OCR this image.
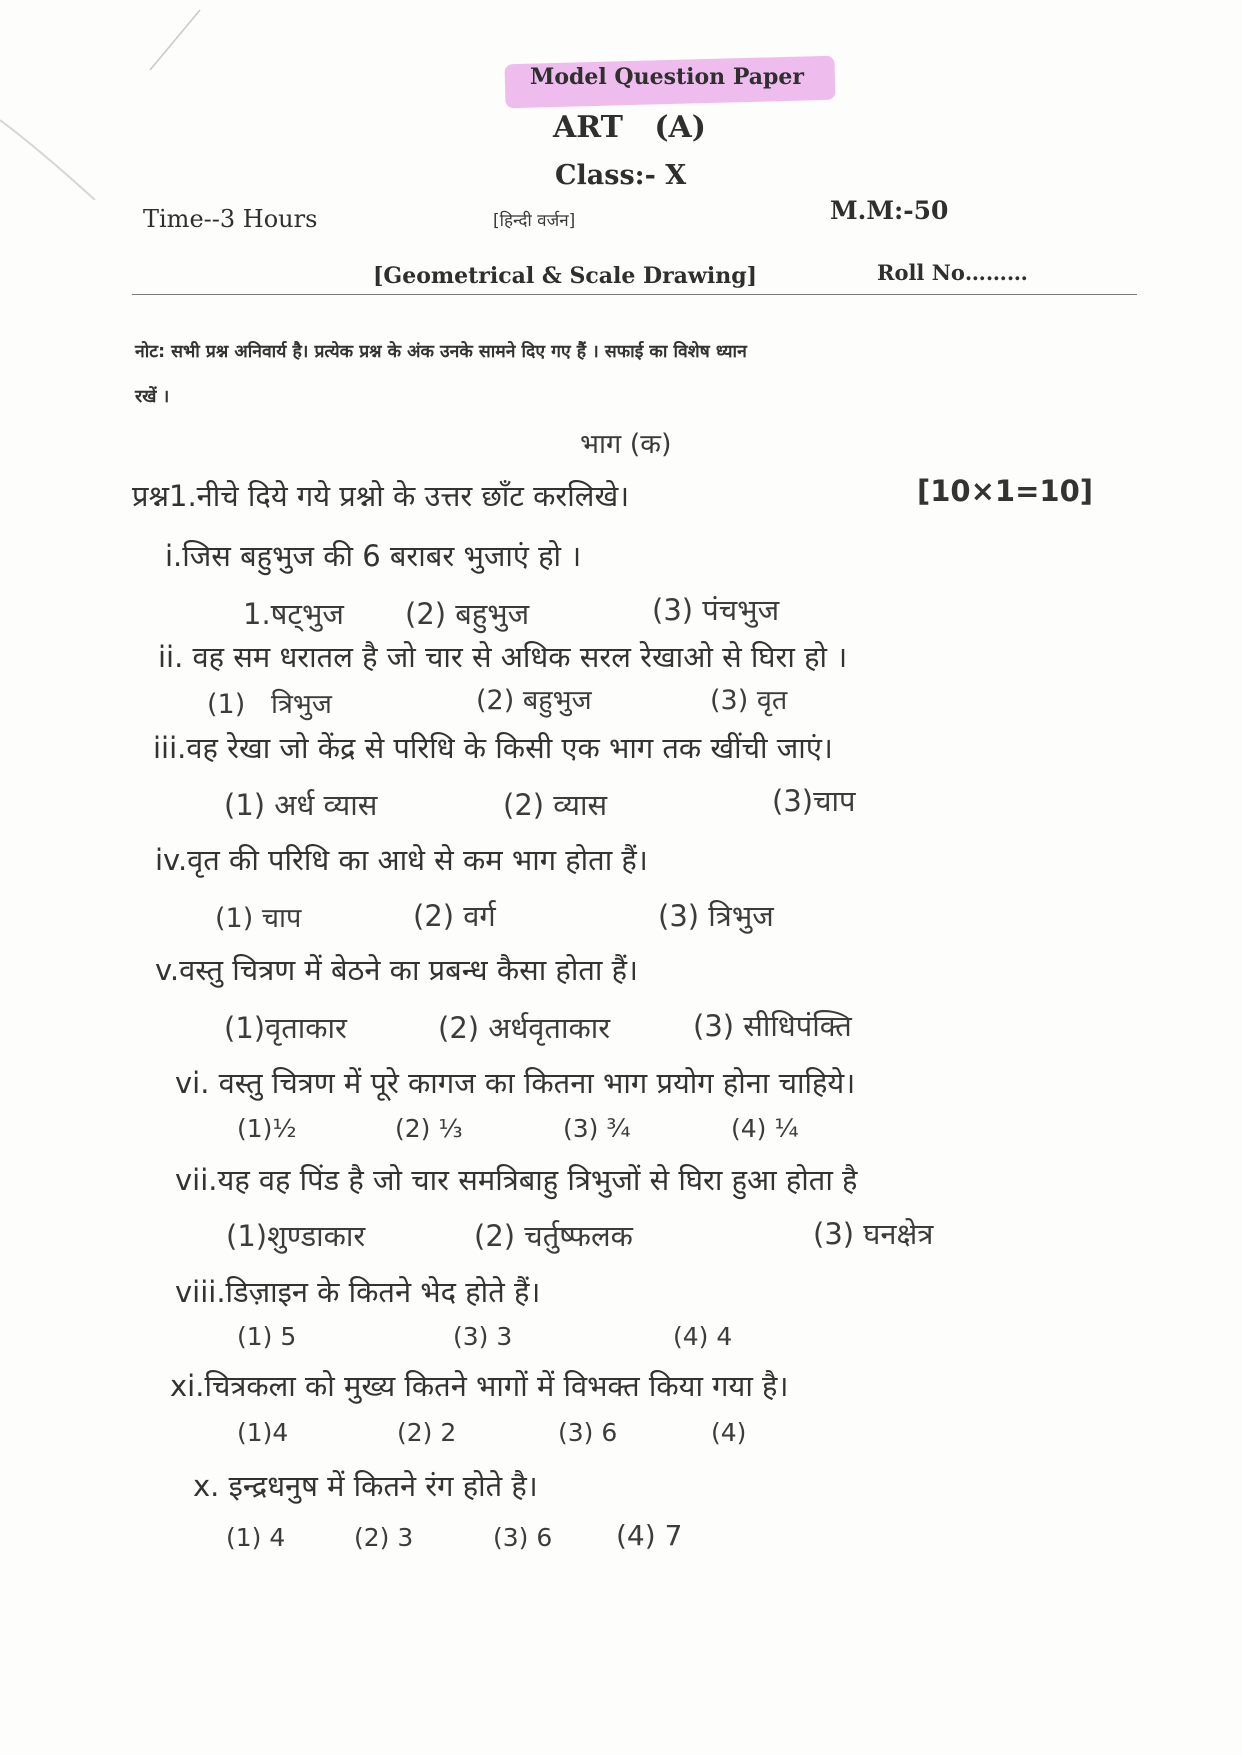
Model Question Paper
ART   (A)
Class:- X
Time--3 Hours	[हिन्दी वर्जन]	M.M:-50
[Geometrical & Scale Drawing]	Roll No………
नोट: सभी प्रश्न अनिवार्य है। प्रत्येक प्रश्न के अंक उनके सामने दिए गए हैं । सफाई का विशेष ध्यान
रखें ।
भाग (क)
प्रश्न1.नीचे दिये गये प्रश्नो के उत्तर छाँट करलिखे।	[10×1=10]
i.जिस बहुभुज की 6 बराबर भुजाएं हो ।
1.षट्भुज (2) बहुभुज	(3) पंचभुज
ii. वह सम धरातल है जो चार से अधिक सरल रेखाओ से घिरा हो ।
(1)   त्रिभुज	(2) बहुभुज	(3) वृत
iii.वह रेखा जो केंद्र से परिधि के किसी एक भाग तक खींची जाएं।
(1) अर्ध व्यास	(2) व्यास	(3)चाप
iv.वृत की परिधि का आधे से कम भाग होता हैं।
(1) चाप	(2) वर्ग	(3) त्रिभुज
v.वस्तु चित्रण में बेठने का प्रबन्ध कैसा होता हैं।
(1)वृताकार	(2) अर्धवृताकार	(3) सीधिपंक्ति
vi. वस्तु चित्रण में पूरे कागज का कितना भाग प्रयोग होना चाहिये।
(1)½	(2) ⅓	(3) ¾	(4) ¼
vii.यह वह पिंड है जो चार समत्रिबाहु त्रिभुजों से घिरा हुआ होता है
(1)शुण्डाकार	(2) चर्तुष्फलक	(3) घनक्षेत्र
viii.डिज़ाइन के कितने भेद होते हैं।
(1) 5	(3) 3	(4) 4
xi.चित्रकला को मुख्य कितने भागों में विभक्त किया गया है।
(1)4	(2) 2	(3) 6	(4)
x. इन्द्रधनुष में कितने रंग होते है।
(1) 4	(2) 3	(3) 6 (4) 7
